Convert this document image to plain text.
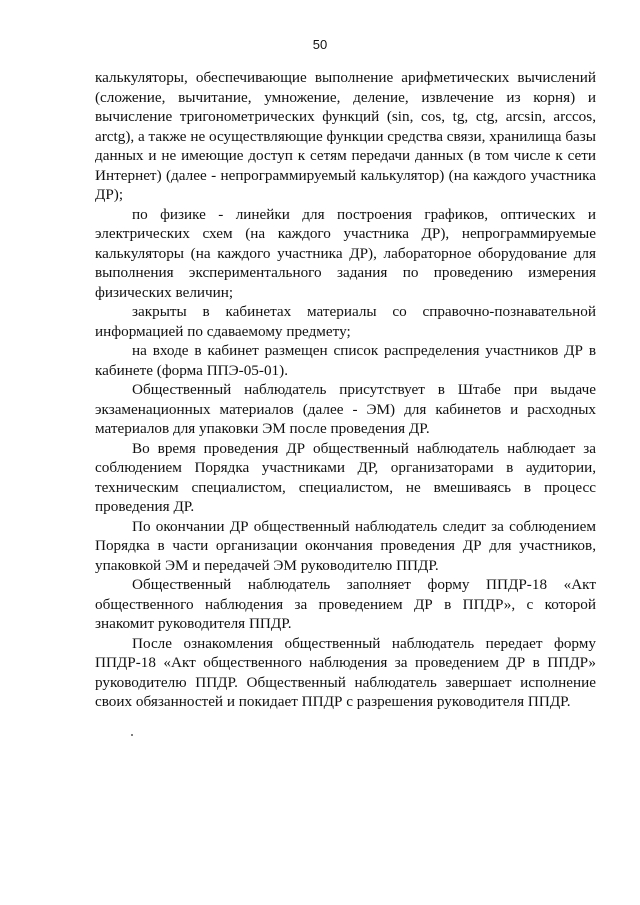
50

калькуляторы, обеспечивающие выполнение арифметических вычислений (сложение, вычитание, умножение, деление, извлечение из корня) и вычисление тригонометрических функций (sin, cos, tg, ctg, arcsin, arccos, arctg), а также не осуществляющие функции средства связи, хранилища базы данных и не имеющие доступ к сетям передачи данных (в том числе к сети Интернет) (далее - непрограммируемый калькулятор) (на каждого участника ДР);

по физике - линейки для построения графиков, оптических и электрических схем (на каждого участника ДР), непрограммируемые калькуляторы (на каждого участника ДР), лабораторное оборудование для выполнения экспериментального задания по проведению измерения физических величин;

закрыты в кабинетах материалы со справочно-познавательной информацией по сдаваемому предмету;

на входе в кабинет размещен список распределения участников ДР в кабинете (форма ППЭ-05-01).

Общественный наблюдатель присутствует в Штабе при выдаче экзаменационных материалов (далее - ЭМ) для кабинетов и расходных материалов для упаковки ЭМ после проведения ДР.

Во время проведения ДР общественный наблюдатель наблюдает за соблюдением Порядка участниками ДР, организаторами в аудитории, техническим специалистом, специалистом, не вмешиваясь в процесс проведения ДР.

По окончании ДР общественный наблюдатель следит за соблюдением Порядка в части организации окончания проведения ДР для участников, упаковкой ЭМ и передачей ЭМ руководителю ППДР.

Общественный наблюдатель заполняет форму ППДР-18 «Акт общественного наблюдения за проведением ДР в ППДР», с которой знакомит руководителя ППДР.

После ознакомления общественный наблюдатель передает форму ППДР-18 «Акт общественного наблюдения за проведением ДР в ППДР» руководителю ППДР. Общественный наблюдатель завершает исполнение своих обязанностей и покидает ППДР с разрешения руководителя ППДР.
